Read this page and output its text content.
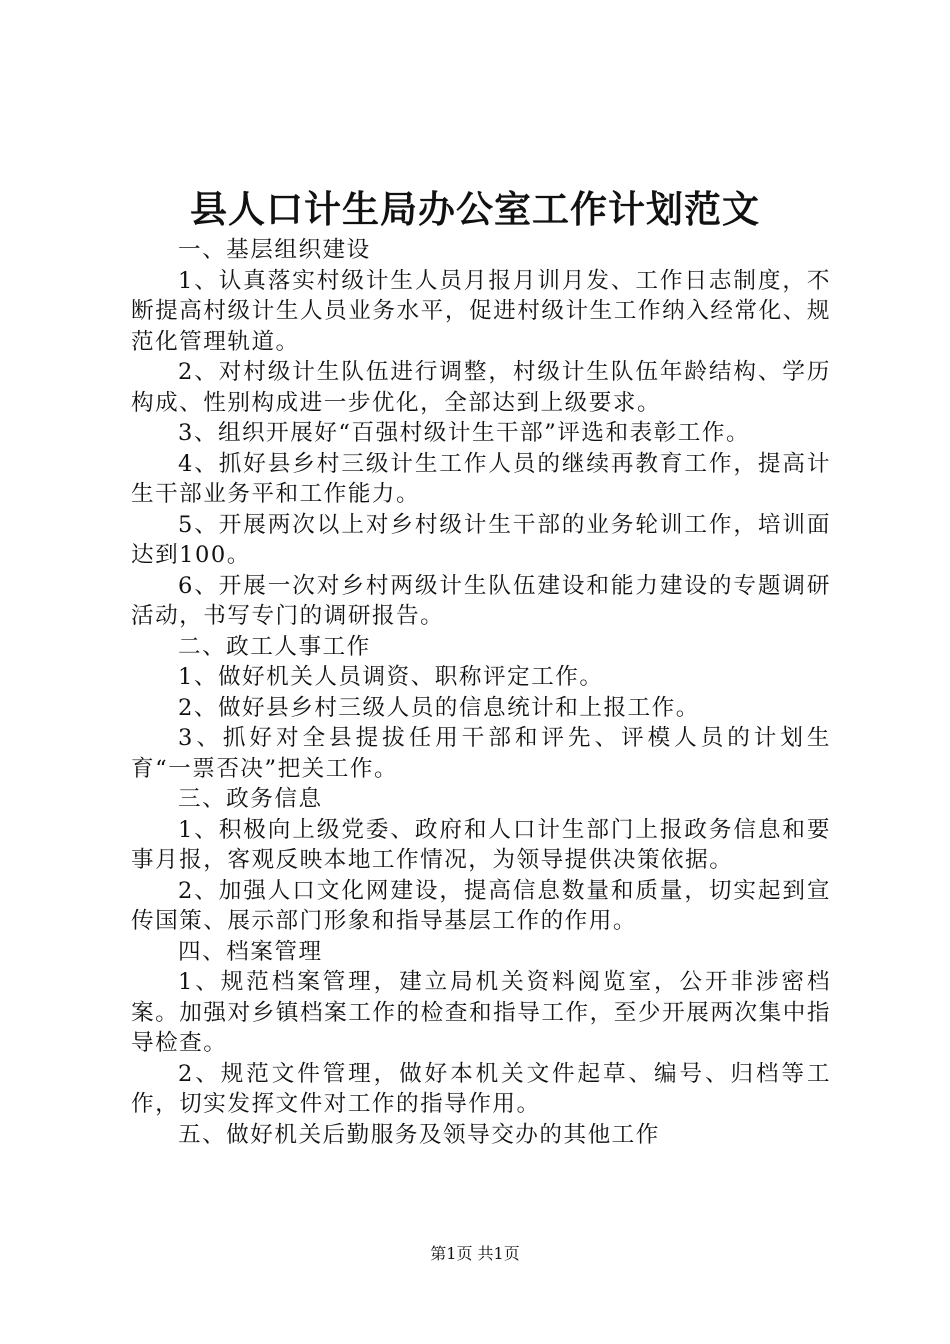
县人口计生局办公室工作计划范文

一、基层组织建设

1、认真落实村级计生人员月报月训月发、工作日志制度，不断提高村级计生人员业务水平，促进村级计生工作纳入经常化、规范化管理轨道。

2、对村级计生队伍进行调整，村级计生队伍年龄结构、学历构成、性别构成进一步优化，全部达到上级要求。

3、组织开展好“百强村级计生干部”评选和表彰工作。

4、抓好县乡村三级计生工作人员的继续再教育工作，提高计生干部业务平和工作能力。

5、开展两次以上对乡村级计生干部的业务轮训工作，培训面达到100。

6、开展一次对乡村两级计生队伍建设和能力建设的专题调研活动，书写专门的调研报告。

二、政工人事工作

1、做好机关人员调资、职称评定工作。

2、做好县乡村三级人员的信息统计和上报工作。

3、抓好对全县提拔任用干部和评先、评模人员的计划生育“一票否决”把关工作。

三、政务信息

1、积极向上级党委、政府和人口计生部门上报政务信息和要事月报，客观反映本地工作情况，为领导提供决策依据。

2、加强人口文化网建设，提高信息数量和质量，切实起到宣传国策、展示部门形象和指导基层工作的作用。

四、档案管理

1、规范档案管理，建立局机关资料阅览室，公开非涉密档案。加强对乡镇档案工作的检查和指导工作，至少开展两次集中指导检查。

2、规范文件管理，做好本机关文件起草、编号、归档等工作，切实发挥文件对工作的指导作用。

五、做好机关后勤服务及领导交办的其他工作

第1页 共1页
